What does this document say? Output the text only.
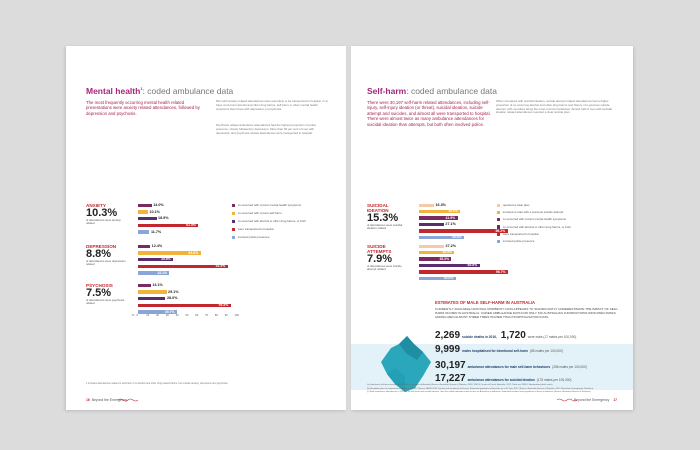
Mental health$^1$: coded ambulance data
The most frequently occurring mental health related presentations were anxiety related attendances, followed by depression and psychosis.
Men with anxiety related attendances were less likely to be transported to hospital, or to have concurrent alcohol and other drug harms, self-harm or other mental health symptoms than those with depression or psychosis.
Psychosis related ambulance attendances had the highest proportion of police presence, closely followed by depression. More than 90 per cent of men with depression and psychosis related attendances were transported to hospital.
1 Includes attendances related to self-harm or to alcohol and other drug related harms, but exclude anxiety, depression and psychosis.
16 Beyond the Emergency
ANXIETY
10.3%
of attendances were anxiety related
14.0%
10.1%
18.9%
61.5%
11.7%
DEPRESSION
8.8%
of attendances were depression related
12.4%
63.8%
35.8%
91.5%
32.1%
PSYCHOSIS
7.5%
of attendances were psychosis related
13.1%
29.1%
28.0%
94.5%
39.7%
% 0	10	20	30	40	50	60	70	80	90	100
co-occurred with current mental health symptoms
co-occurred with current self-harm
co-occurred with alcohol or other drug harms, or both
were transported to hospital
involved police presence
Self-harm: coded ambulance data
There were 30,197 self-harm related attendances, including self-injury, self-injury ideation (or threat), suicidal ideation, suicide attempt and suicides, and almost all were transported to hospital. There were almost twice as many ambulance attendances for suicidal ideation than attempts, but both often involved police.
When compared with suicidal ideation, suicide attempt related attendances had a higher proportion of co-occurring alcohol and other drug harms and history of a previous suicide attempt, with overdose being the most common behaviour. Almost half of men with suicidal ideation related attendances reported a clear suicide plan.
ESTIMATES OF MALE SELF-HARM IN AUSTRALIA
CURRENTLY AVAILABLE NATIONAL MORBIDITY DATA APPEARS TO SIGNIFICANTLY UNDERESTIMATE THE IMPACT OF SELF-HARM ON MEN IN AUSTRALIA. CODED AMBULANCE DATA FOR ONLY SIX AUSTRALIAN JURISDICTIONS INDICATED RATES AMONG MEN ALMOST THREE TIMES HIGHER THAN HOSPITALISATION DATA.
(a) Intentional self-harm recorded in 2016 for all residents of Australia (Source: Australian Bureau of Statistics 2018, 3303.0 Causes of Death, Australia, 2017; Table see 3303.0 Standardised death rates).
(b) Hospitalisations for intentional self-harm in 2016-17 (Source: AIHW 2018, Suicide and intentional self-harm). Estimated population of Australia as at 30 June 2017 (Source: Australian Bureau of Statistics 2017, Australian Demographic Statistics).
(c) Male ambulance attendances in 2017/18 for self-harm and suicidal ideation, from the coded ambulance data across six Australian jurisdictions. Estimated resident male population of these jurisdictions (Source: Australian Bureau of Statistics).
Beyond the Emergency 17
SUICIDAL IDEATION
15.3%
of attendances were suicidal ideation related
16.3%
45.0%
41.9%
27.1%
96.2%
48.8%
SUICIDE ATTEMPTS
7.9%
of attendances were suicide attempt related
27.2%
38.5%
35.3%
65.8%
96.7%
40.0%
reported a clear plan
involved a male with a previous suicide attempt
co-occurred with current mental health symptoms
co-occurred with alcohol or other drug harms, or both
were transported to hospital
involved police presence
2,269 suicide deaths in 2016, 1,720 were male (17 males per 100,000)
9,999 males hospitalised for intentional self-harm (85 males per 100,000)
30,197 ambulance attendances for male self-harm behaviours (256 males per 100,000)
17,227 ambulance attendances for suicidal ideation (175 males per 100,000)
